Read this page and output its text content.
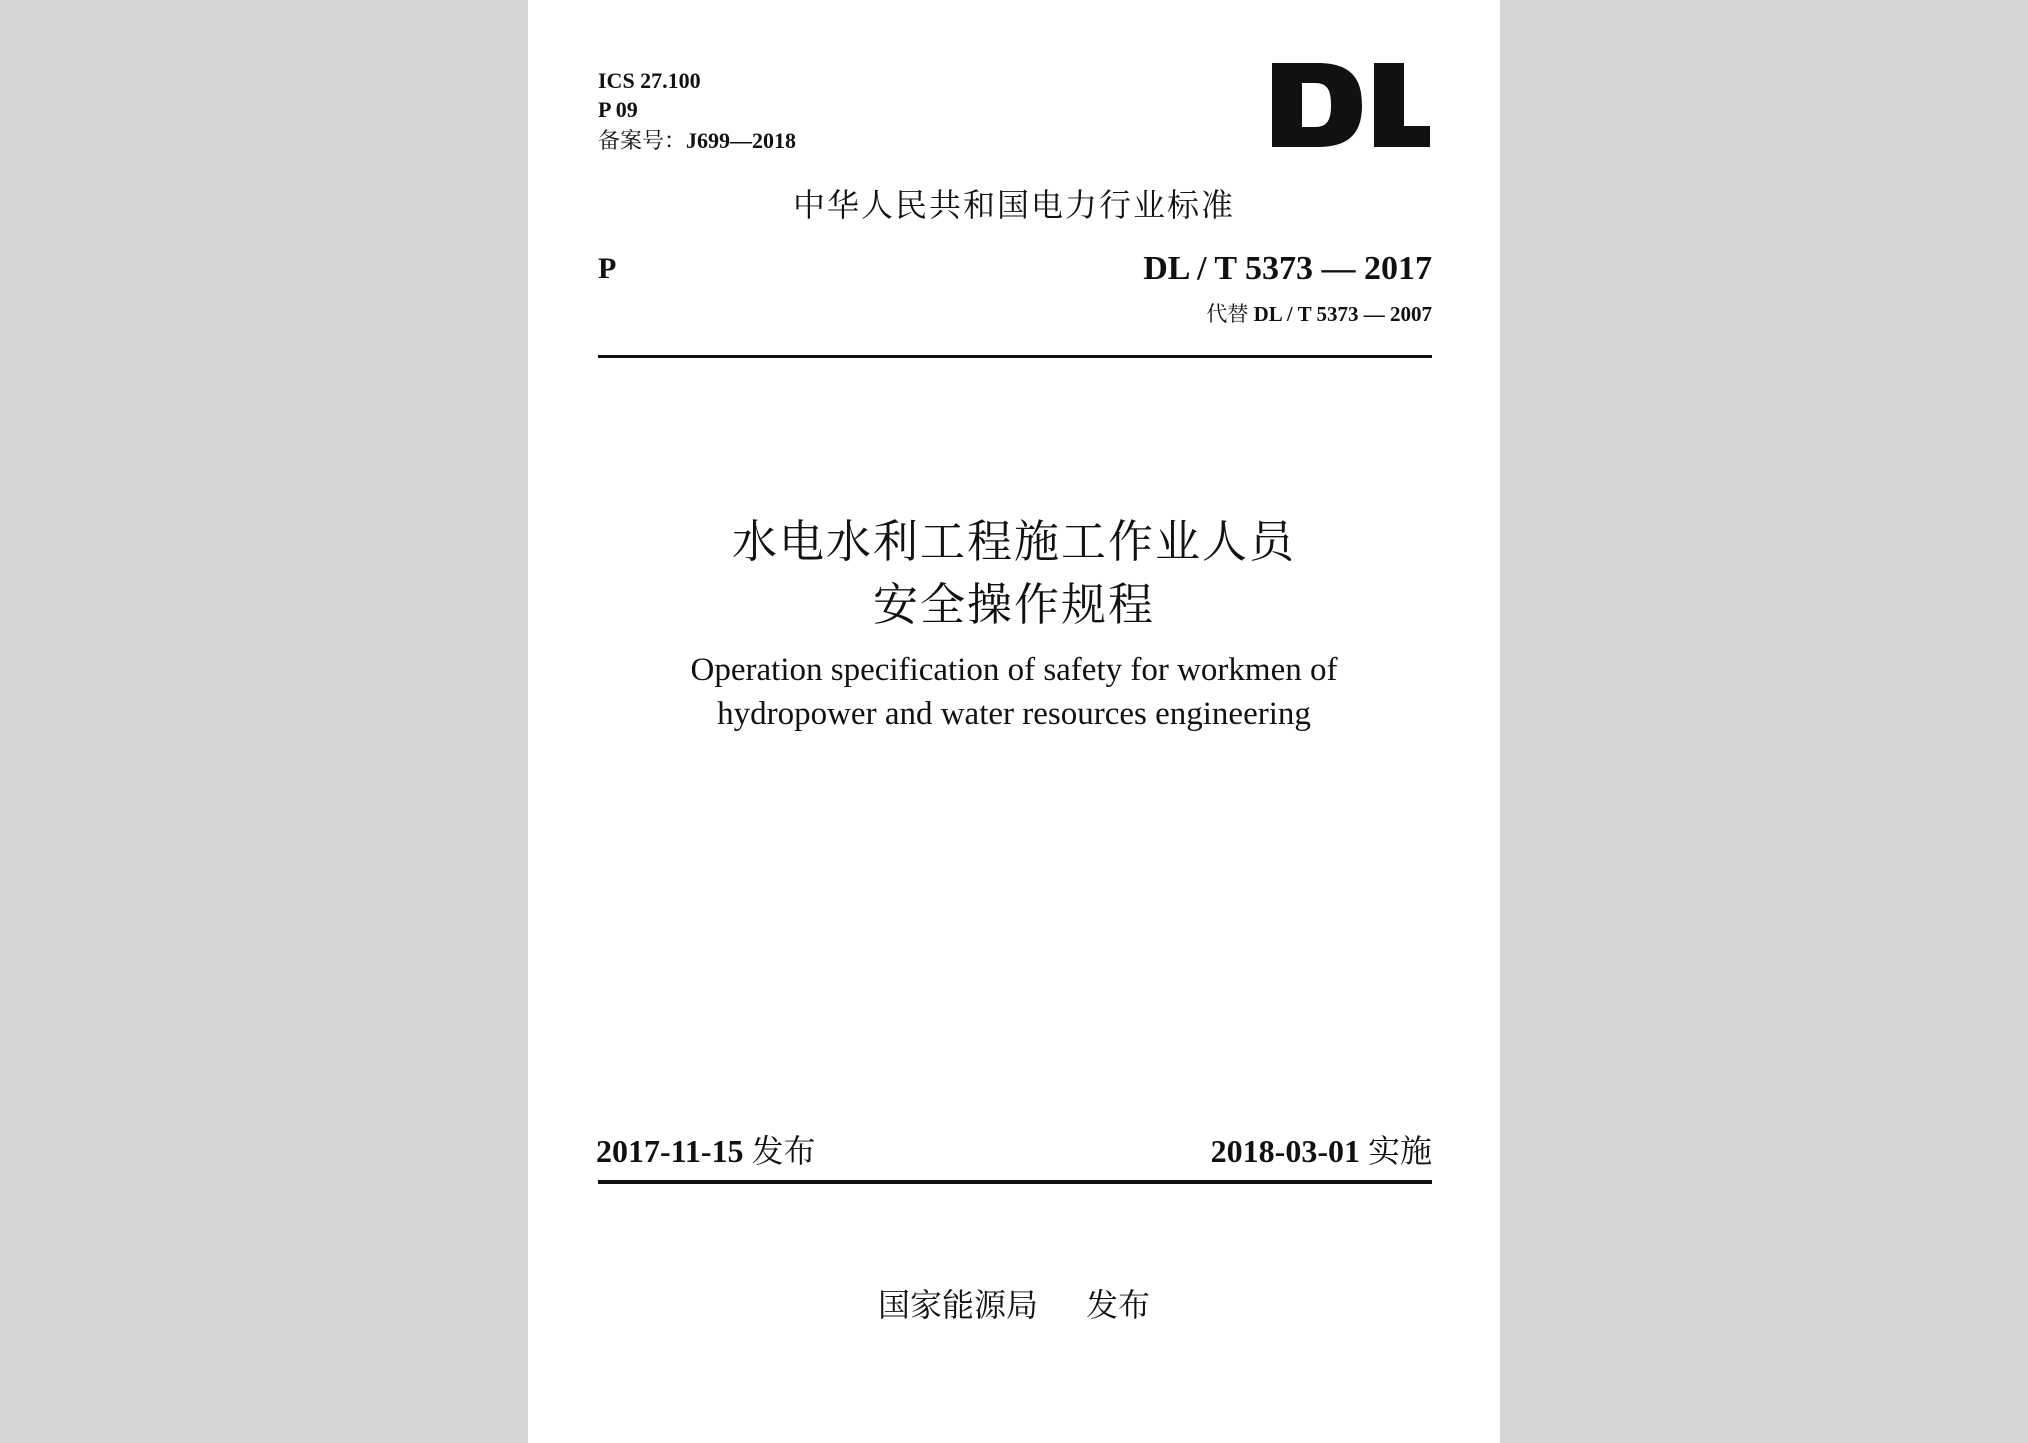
ICS 27.100
P 09
备案号：J699—2018
中华人民共和国电力行业标准
P	DL / T 5373 — 2017
代替 DL / T 5373 — 2007
水电水利工程施工作业人员
安全操作规程
Operation specification of safety for workmen of
hydropower and water resources engineering
2017-11-15 发布	2018-03-01 实施
国家能源局 发布
